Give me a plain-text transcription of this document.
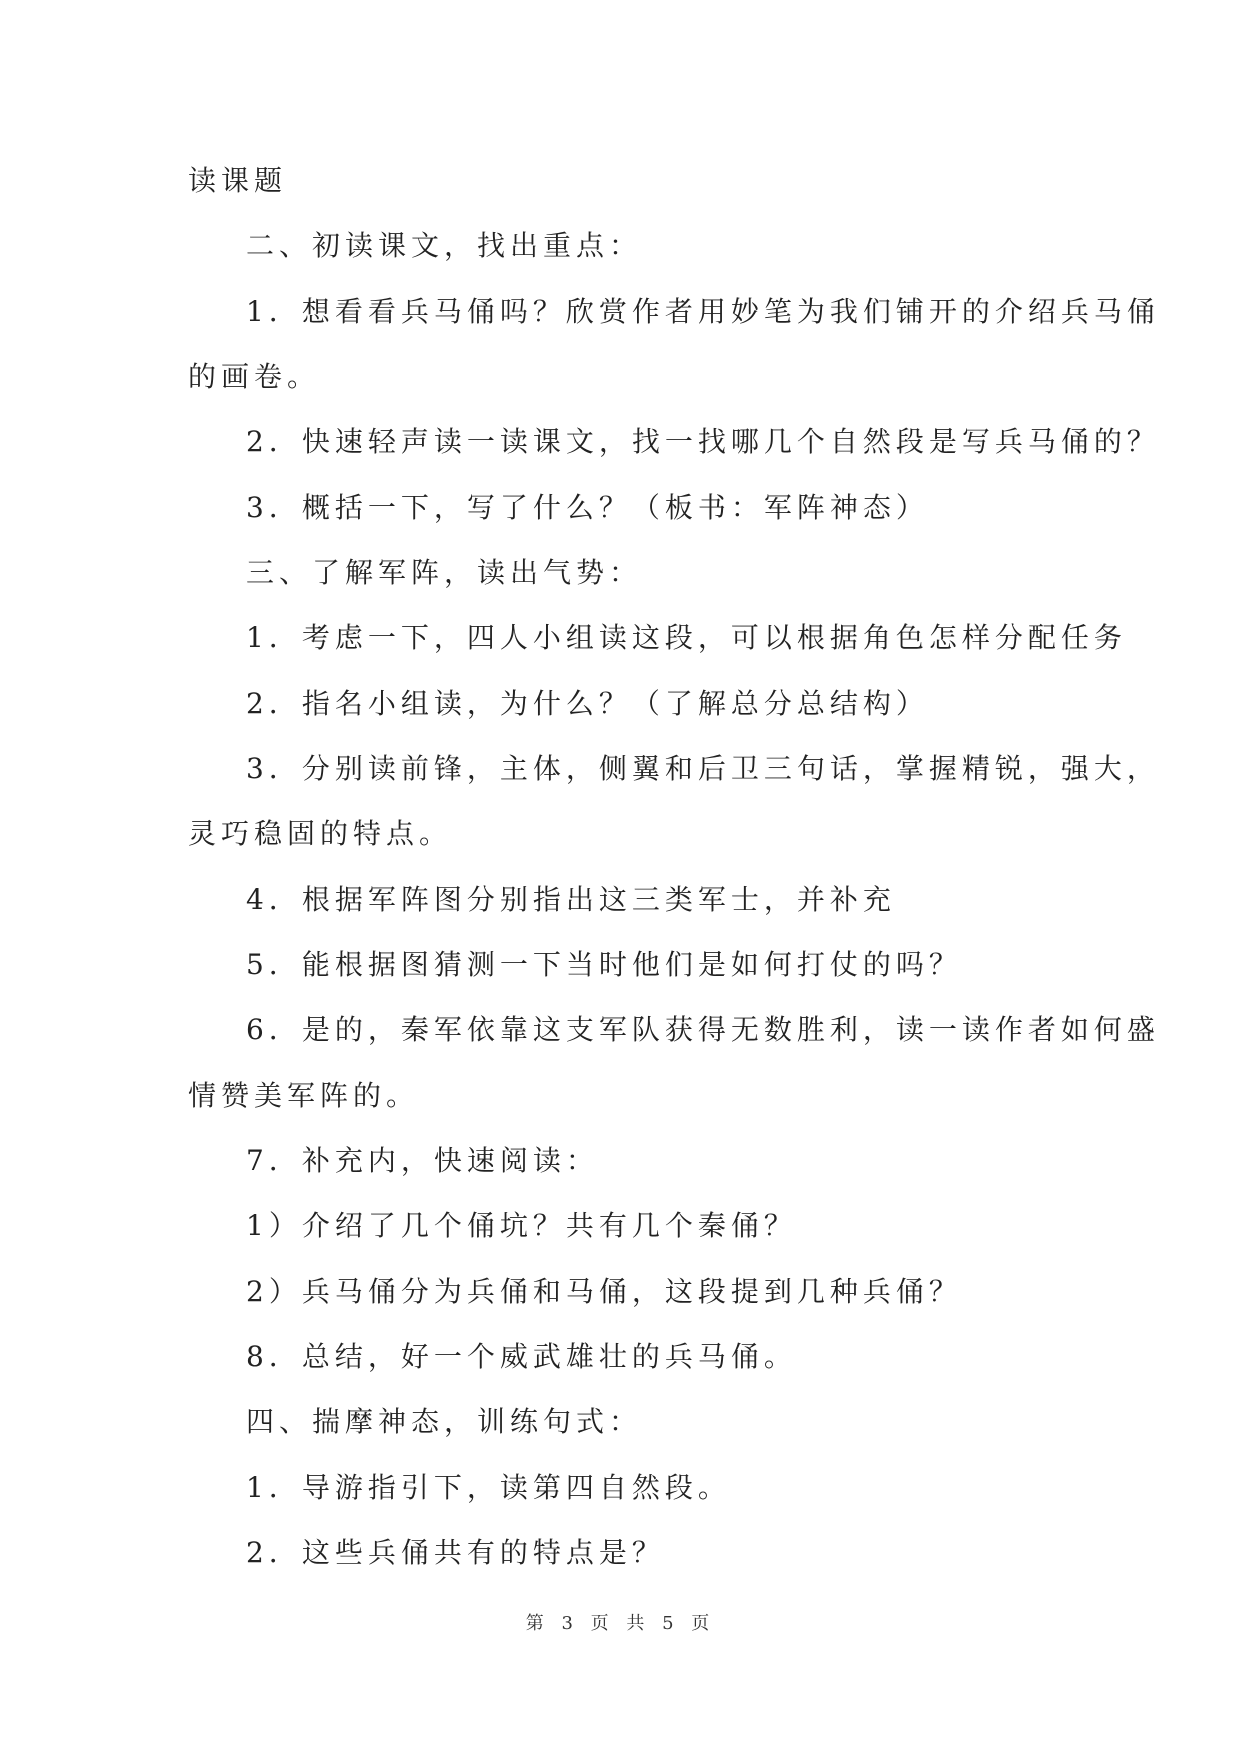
读课题
二、初读课文，找出重点：
1．想看看兵马俑吗？欣赏作者用妙笔为我们铺开的介绍兵马俑
的画卷。
2．快速轻声读一读课文，找一找哪几个自然段是写兵马俑的？
3．概括一下，写了什么？（板书：军阵神态）
三、了解军阵，读出气势：
1．考虑一下，四人小组读这段，可以根据角色怎样分配任务
2．指名小组读，为什么？（了解总分总结构）
3．分别读前锋，主体，侧翼和后卫三句话，掌握精锐，强大，
灵巧稳固的特点。
4．根据军阵图分别指出这三类军士，并补充
5．能根据图猜测一下当时他们是如何打仗的吗？
6．是的，秦军依靠这支军队获得无数胜利，读一读作者如何盛
情赞美军阵的。
7．补充内，快速阅读：
1）介绍了几个俑坑？共有几个秦俑？
2）兵马俑分为兵俑和马俑，这段提到几种兵俑？
8．总结，好一个威武雄壮的兵马俑。
四、揣摩神态，训练句式：
1．导游指引下，读第四自然段。
2．这些兵俑共有的特点是？
第 3 页 共 5 页
